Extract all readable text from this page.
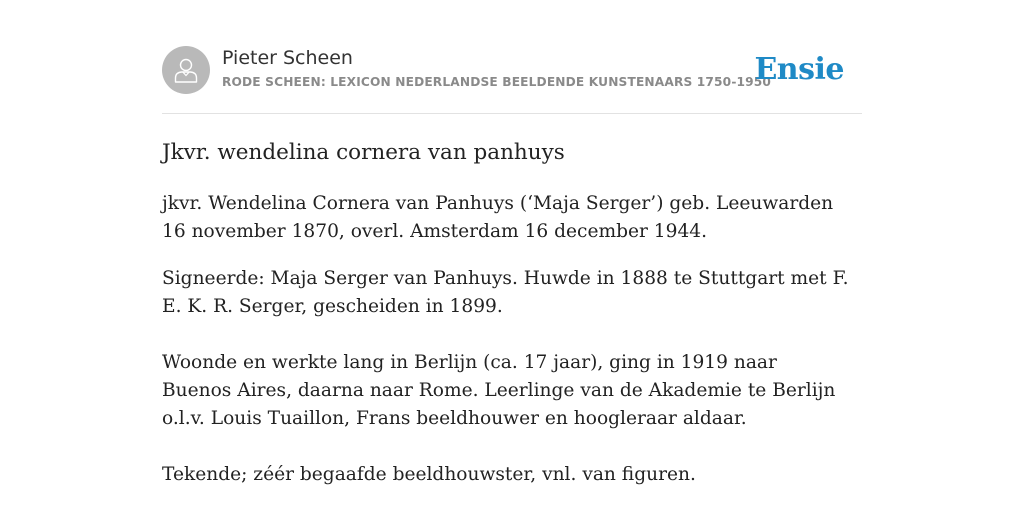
Pieter Scheen
RODE SCHEEN: LEXICON NEDERLANDSE BEELDENDE KUNSTENAARS 1750-1950
Ensie
Jkvr. wendelina cornera van panhuys

jkvr. Wendelina Cornera van Panhuys (‘Maja Serger’) geb. Leeuwarden 16 november 1870, overl. Amsterdam 16 december 1944.

Signeerde: Maja Serger van Panhuys. Huwde in 1888 te Stuttgart met F. E. K. R. Serger, gescheiden in 1899.

Woonde en werkte lang in Berlijn (ca. 17 jaar), ging in 1919 naar Buenos Aires, daarna naar Rome. Leerlinge van de Akademie te Berlijn o.l.v. Louis Tuaillon, Frans beeldhouwer en hoogleraar aldaar.

Tekende; zéér begaafde beeldhouwster, vnl. van figuren.
